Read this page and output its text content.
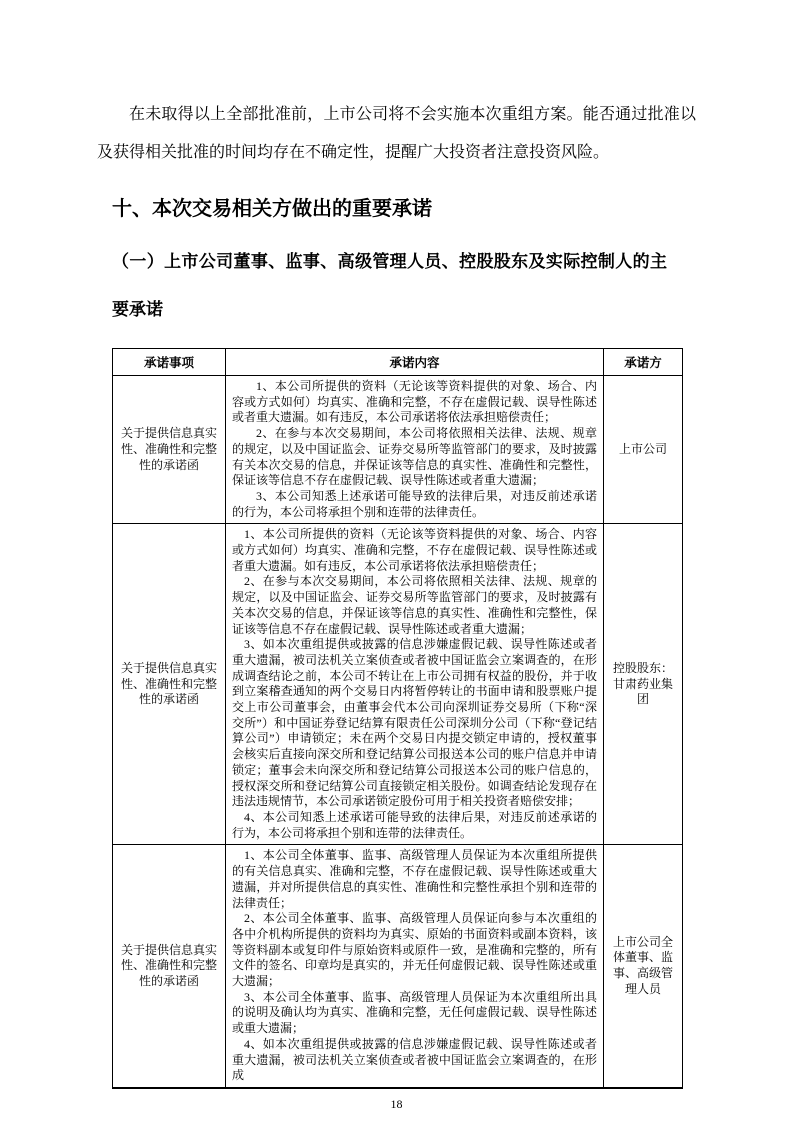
在未取得以上全部批准前，上市公司将不会实施本次重组方案。能否通过批准以及获得相关批准的时间均存在不确定性，提醒广大投资者注意投资风险。

十、本次交易相关方做出的重要承诺
（一）上市公司董事、监事、高级管理人员、控股股东及实际控制人的主要承诺
承诺事项	承诺内容	承诺方
关于提供信息真实性、准确性和完整性的承诺函	1、本公司所提供的资料（无论该等资料提供的对象、场合、内容或方式如何）均真实、准确和完整，不存在虚假记载、误导性陈述或者重大遗漏。如有违反，本公司承诺将依法承担赔偿责任；

2、在参与本次交易期间，本公司将依照相关法律、法规、规章的规定，以及中国证监会、证券交易所等监管部门的要求，及时披露有关本次交易的信息，并保证该等信息的真实性、准确性和完整性，保证该等信息不存在虚假记载、误导性陈述或者重大遗漏；

3、本公司知悉上述承诺可能导致的法律后果，对违反前述承诺的行为，本公司将承担个别和连带的法律责任。	上市公司
关于提供信息真实性、准确性和完整性的承诺函	1、本公司所提供的资料（无论该等资料提供的对象、场合、内容或方式如何）均真实、准确和完整，不存在虚假记载、误导性陈述或者重大遗漏。如有违反，本公司承诺将依法承担赔偿责任；

2、在参与本次交易期间，本公司将依照相关法律、法规、规章的规定，以及中国证监会、证券交易所等监管部门的要求，及时披露有关本次交易的信息，并保证该等信息的真实性、准确性和完整性，保证该等信息不存在虚假记载、误导性陈述或者重大遗漏；

3、如本次重组提供或披露的信息涉嫌虚假记载、误导性陈述或者重大遗漏，被司法机关立案侦查或者被中国证监会立案调查的，在形成调查结论之前，本公司不转让在上市公司拥有权益的股份，并于收到立案稽查通知的两个交易日内将暂停转让的书面申请和股票账户提交上市公司董事会，由董事会代本公司向深圳证券交易所（下称“深交所”）和中国证券登记结算有限责任公司深圳分公司（下称“登记结算公司”）申请锁定；未在两个交易日内提交锁定申请的，授权董事会核实后直接向深交所和登记结算公司报送本公司的账户信息并申请锁定；董事会未向深交所和登记结算公司报送本公司的账户信息的，授权深交所和登记结算公司直接锁定相关股份。如调查结论发现存在违法违规情节，本公司承诺锁定股份可用于相关投资者赔偿安排；

4、本公司知悉上述承诺可能导致的法律后果，对违反前述承诺的行为，本公司将承担个别和连带的法律责任。	控股股东：甘肃药业集团
关于提供信息真实性、准确性和完整性的承诺函	1、本公司全体董事、监事、高级管理人员保证为本次重组所提供的有关信息真实、准确和完整，不存在虚假记载、误导性陈述或重大遗漏，并对所提供信息的真实性、准确性和完整性承担个别和连带的法律责任；

2、本公司全体董事、监事、高级管理人员保证向参与本次重组的各中介机构所提供的资料均为真实、原始的书面资料或副本资料，该等资料副本或复印件与原始资料或原件一致，是准确和完整的，所有文件的签名、印章均是真实的，并无任何虚假记载、误导性陈述或重大遗漏；

3、本公司全体董事、监事、高级管理人员保证为本次重组所出具的说明及确认均为真实、准确和完整，无任何虚假记载、误导性陈述或重大遗漏；

4、如本次重组提供或披露的信息涉嫌虚假记载、误导性陈述或者重大遗漏，被司法机关立案侦查或者被中国证监会立案调查的，在形成	上市公司全体董事、监事、高级管理人员
18
